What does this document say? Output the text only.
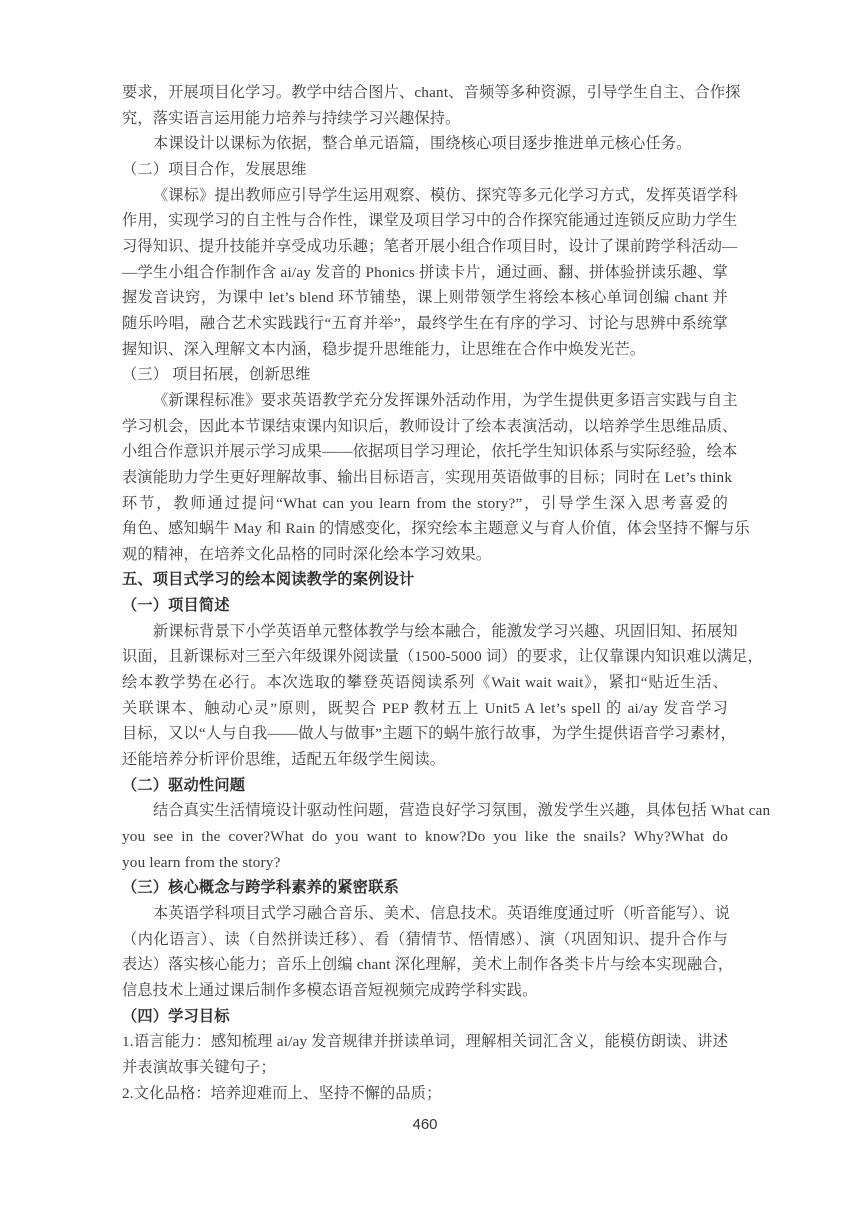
要求，开展项目化学习。教学中结合图片、chant、音频等多种资源，引导学生自主、合作探
究，落实语言运用能力培养与持续学习兴趣保持。
本课设计以课标为依据，整合单元语篇，围绕核心项目逐步推进单元核心任务。
（二）项目合作，发展思维
《课标》提出教师应引导学生运用观察、模仿、探究等多元化学习方式，发挥英语学科
作用，实现学习的自主性与合作性，课堂及项目学习中的合作探究能通过连锁反应助力学生
习得知识、提升技能并享受成功乐趣；笔者开展小组合作项目时，设计了课前跨学科活动—
—学生小组合作制作含 ai/ay 发音的 Phonics 拼读卡片，通过画、翻、拼体验拼读乐趣、掌
握发音诀窍，为课中 let’s blend 环节铺垫，课上则带领学生将绘本核心单词创编 chant 并
随乐吟唱，融合艺术实践践行“五育并举”，最终学生在有序的学习、讨论与思辨中系统掌
握知识、深入理解文本内涵，稳步提升思维能力，让思维在合作中焕发光芒。
（三） 项目拓展，创新思维
《新课程标准》要求英语教学充分发挥课外活动作用，为学生提供更多语言实践与自主
学习机会，因此本节课结束课内知识后，教师设计了绘本表演活动，以培养学生思维品质、
小组合作意识并展示学习成果——依据项目学习理论，依托学生知识体系与实际经验，绘本
表演能助力学生更好理解故事、输出目标语言，实现用英语做事的目标；同时在 Let’s think
环节，教师通过提问“What can you learn from the story?”，引导学生深入思考喜爱的
角色、感知蜗牛 May 和 Rain 的情感变化，探究绘本主题意义与育人价值，体会坚持不懈与乐
观的精神，在培养文化品格的同时深化绘本学习效果。
五、项目式学习的绘本阅读教学的案例设计
（一）项目简述
新课标背景下小学英语单元整体教学与绘本融合，能激发学习兴趣、巩固旧知、拓展知
识面，且新课标对三至六年级课外阅读量（1500-5000 词）的要求，让仅靠课内知识难以满足，
绘本教学势在必行。本次选取的攀登英语阅读系列《Wait wait wait》，紧扣“贴近生活、
关联课本、触动心灵”原则，既契合 PEP 教材五上 Unit5 A let’s spell 的 ai/ay 发音学习
目标，又以“人与自我——做人与做事”主题下的蜗牛旅行故事，为学生提供语音学习素材，
还能培养分析评价思维，适配五年级学生阅读。
（二）驱动性问题
结合真实生活情境设计驱动性问题，营造良好学习氛围，激发学生兴趣，具体包括 What can
you see in the cover?What do you want to know?Do you like the snails? Why?What do
you learn from the story?
（三）核心概念与跨学科素养的紧密联系
本英语学科项目式学习融合音乐、美术、信息技术。英语维度通过听（听音能写）、说
（内化语言）、读（自然拼读迁移）、看（猜情节、悟情感）、演（巩固知识、提升合作与
表达）落实核心能力；音乐上创编 chant 深化理解，美术上制作各类卡片与绘本实现融合，
信息技术上通过课后制作多模态语音短视频完成跨学科实践。
（四）学习目标
1.语言能力：感知梳理 ai/ay 发音规律并拼读单词，理解相关词汇含义，能模仿朗读、讲述
并表演故事关键句子；
2.文化品格：培养迎难而上、坚持不懈的品质；
460
